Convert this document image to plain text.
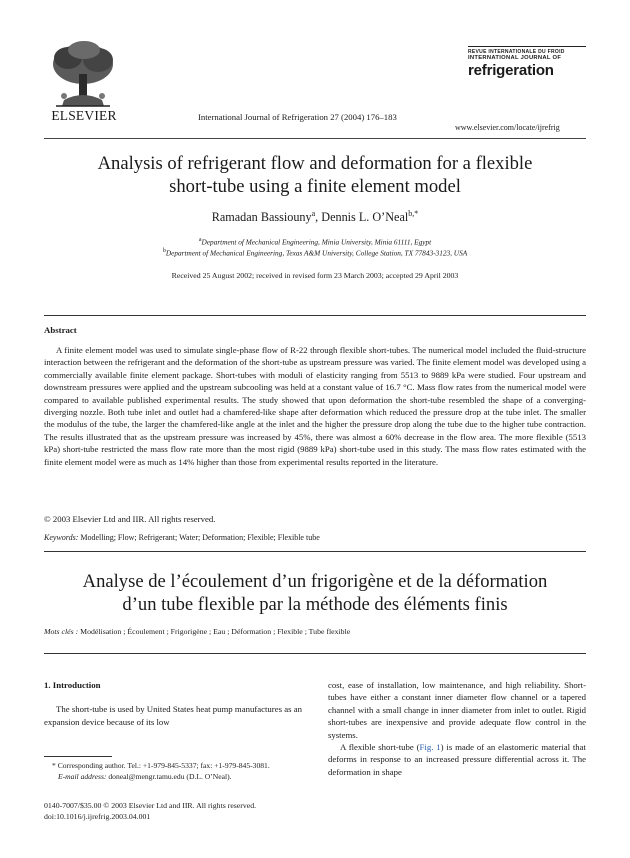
ELSEVIER	International Journal of Refrigeration 27 (2004) 176–183
REVUE INTERNATIONALE DU FROID
INTERNATIONAL JOURNAL OF
refrigeration
www.elsevier.com/locate/ijrefrig
Analysis of refrigerant flow and deformation for a flexible
short-tube using a finite element model
Ramadan Bassiouny$^a$, Dennis L. O’Neal$^{b,*}$
$^a$Department of Mechanical Engineering, Minia University, Minia 61111, Egypt
$^b$Department of Mechanical Engineering, Texas A&M University, College Station, TX 77843-3123, USA
Received 25 August 2002; received in revised form 23 March 2003; accepted 29 April 2003
Abstract

A finite element model was used to simulate single-phase flow of R-22 through flexible short-tubes. The numerical model included the fluid-structure interaction between the refrigerant and the deformation of the short-tube as upstream pressure was varied. The finite element model was developed using a commercially available finite element package. Short-tubes with moduli of elasticity ranging from 5513 to 9889 kPa were studied. Four upstream and downstream pressures were applied and the upstream subcooling was held at a constant value of 16.7 °C. Mass flow rates from the numerical model were compared to available published experimental results. The study showed that upon deformation the short-tube resembled the shape of a converging-diverging nozzle. Both tube inlet and outlet had a chamfered-like shape after deformation which reduced the pressure drop at the tube inlet. The smaller the modulus of the tube, the larger the chamfered-like angle at the inlet and the higher the pressure drop along the tube due to the higher tube contraction. The results illustrated that as the upstream pressure was increased by 45%, there was almost a 60% decrease in the flow area. The more flexible (5513 kPa) short-tube restricted the mass flow rate more than the most rigid (9889 kPa) short-tube used in this study. The mass flow rates estimated with the finite element model were as much as 14% higher than those from experimental results reported in the literature.

© 2003 Elsevier Ltd and IIR. All rights reserved.
Keywords: Modelling; Flow; Refrigerant; Water; Deformation; Flexible; Flexible tube
Analyse de l’écoulement d’un frigorigène et de la déformation
d’un tube flexible par la méthode des éléments finis
Mots clés : Modélisation ; Écoulement ; Frigorigène ; Eau ; Déformation ; Flexible ; Tube flexible
1. Introduction

The short-tube is used by United States heat pump manufactures as an expansion device because of its low

cost, ease of installation, low maintenance, and high reliability. Short-tubes have either a constant inner diameter flow channel or a tapered channel with a small change in inner diameter from inlet to outlet. Rigid short-tubes are inexpensive and provide adequate flow control in the systems.

A flexible short-tube (Fig. 1) is made of an elastomeric material that deforms in response to an increased pressure differential across it. The deformation in shape

* Corresponding author. Tel.: +1-979-845-5337; fax: +1-979-845-3081.
E-mail address: doneal@mengr.tamu.edu (D.L. O’Neal).
0140-7007/$35.00 © 2003 Elsevier Ltd and IIR. All rights reserved.
doi:10.1016/j.ijrefrig.2003.04.001
